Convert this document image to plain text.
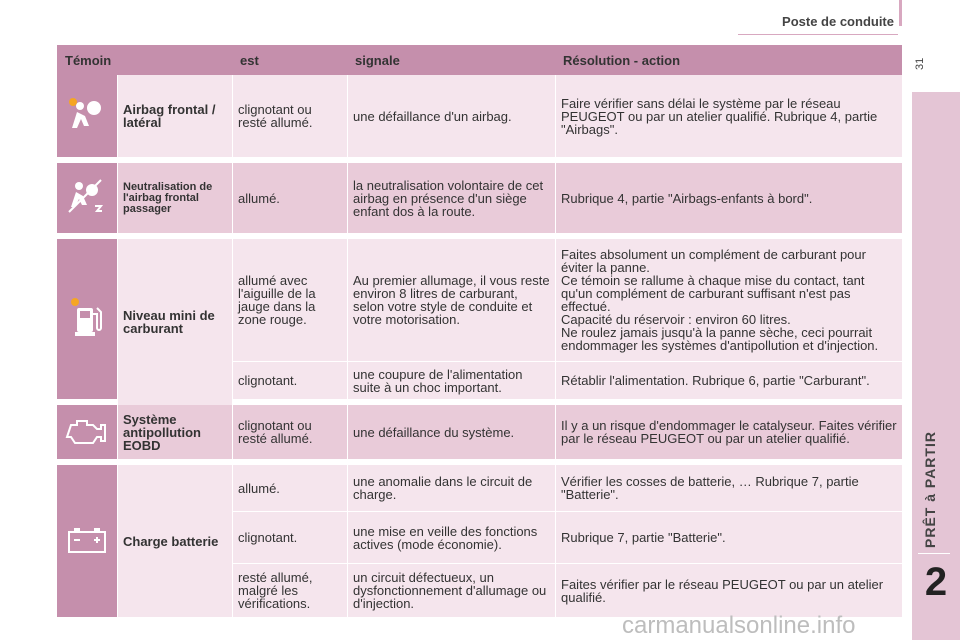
Poste de conduite
31
PRÊT à PARTIR
2
Témoin		est	signale	Résolution - action

	Airbag frontal / latéral	clignotant ou resté allumé.	une défaillance d'un airbag.	Faire vérifier sans délai le système par le réseau PEUGEOT ou par un atelier qualifié. Rubrique 4, partie "Airbags".

	Neutralisation de l'airbag frontal passager	allumé.	la neutralisation volontaire de cet airbag en présence d'un siège enfant dos à la route.	Rubrique 4, partie "Airbags-enfants à bord".

	Niveau mini de carburant	allumé avec l'aiguille de la jauge dans la zone rouge.	Au premier allumage, il vous reste environ 8 litres de carburant, selon votre style de conduite et votre motorisation.	Faites absolument un complément de carburant pour éviter la panne.
Ce témoin se rallume à chaque mise du contact, tant qu'un complément de carburant suffisant n'est pas effectué.
Capacité du réservoir : environ 60 litres.
Ne roulez jamais jusqu'à la panne sèche, ceci pourrait endommager les systèmes d'antipollution et d'injection.
		clignotant.	une coupure de l'alimentation suite à un choc important.	Rétablir l'alimentation. Rubrique 6, partie "Carburant".

	Système antipollution EOBD	clignotant ou resté allumé.	une défaillance du système.	Il y a un risque d'endommager le catalyseur. Faites vérifier par le réseau PEUGEOT ou par un atelier qualifié.

	Charge batterie	allumé.	une anomalie dans le circuit de charge.	Vérifier les cosses de batterie, … Rubrique 7, partie "Batterie".
		clignotant.	une mise en veille des fonctions actives (mode économie).	Rubrique 7, partie "Batterie".
		resté allumé, malgré les vérifications.	un circuit défectueux, un dysfonctionnement d'allumage ou d'injection.	Faites vérifier par le réseau PEUGEOT ou par un atelier qualifié.
carmanualsonline.info
